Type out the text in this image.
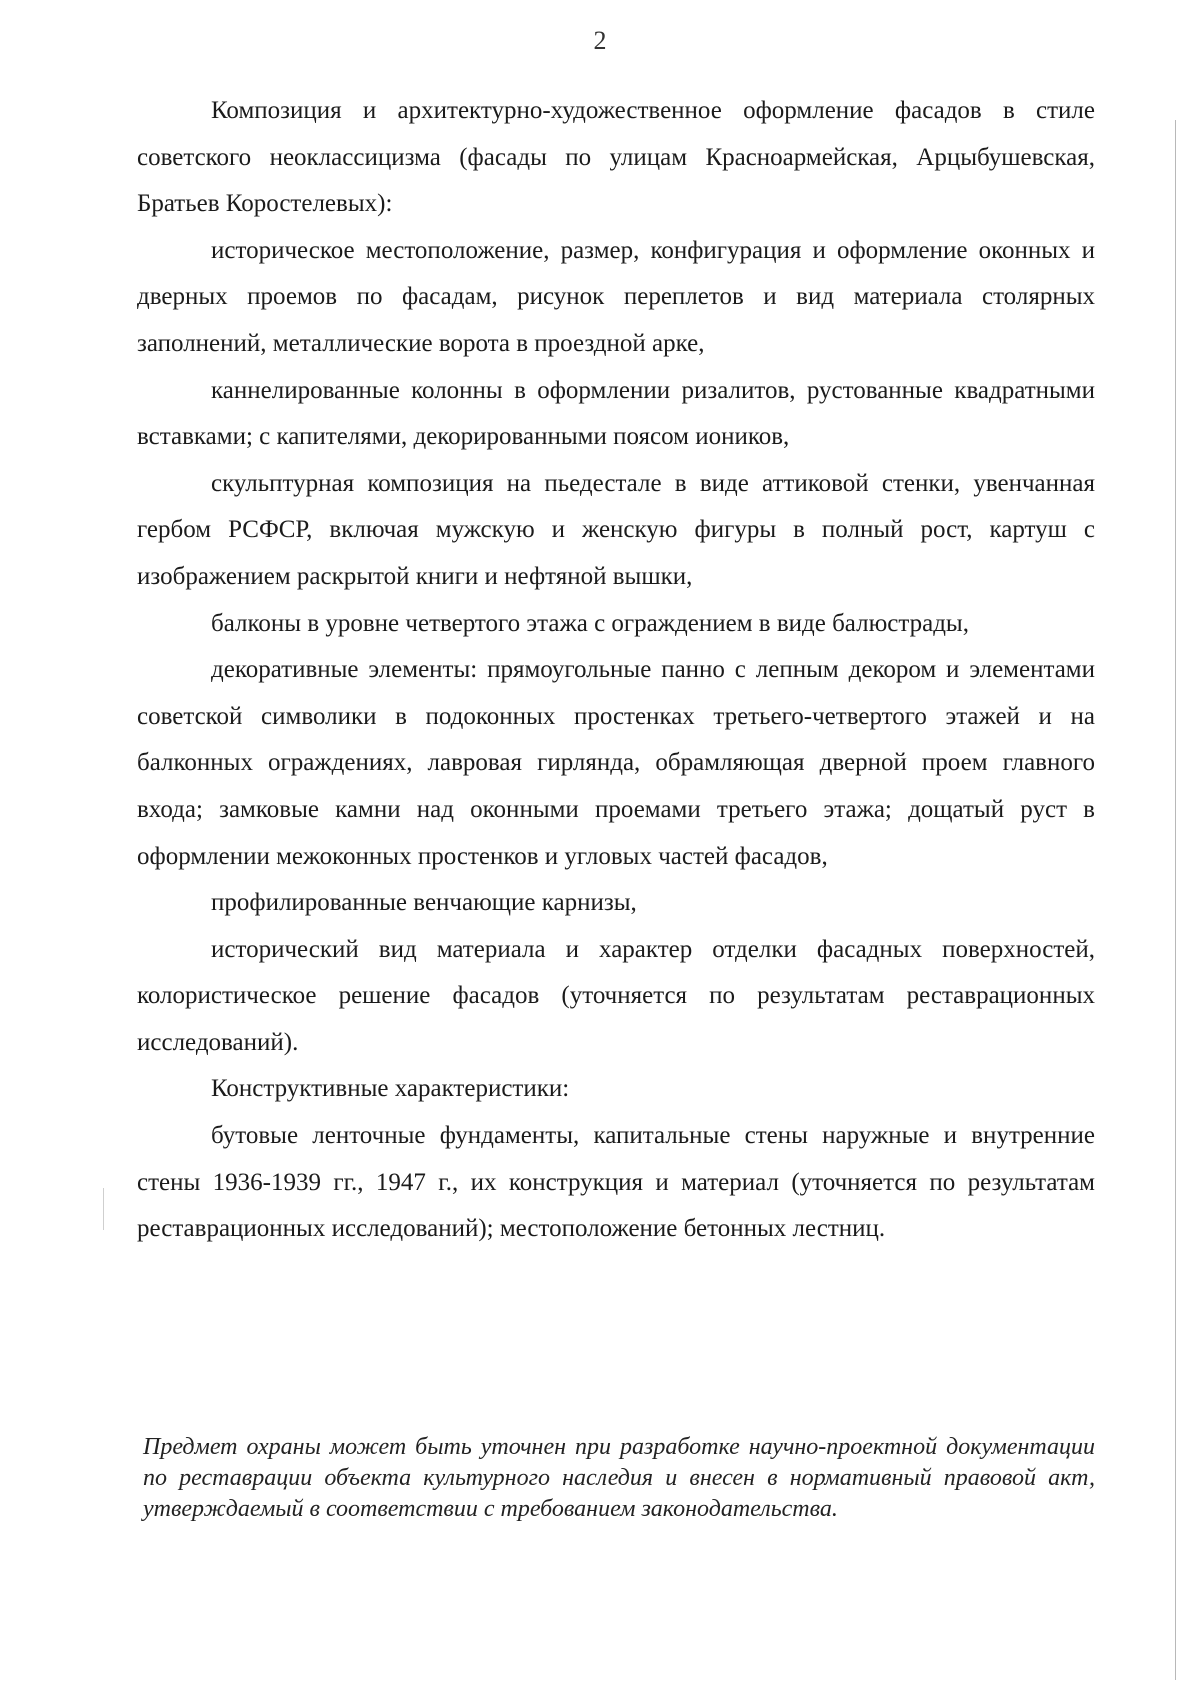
2

Композиция и архитектурно-художественное оформление фасадов в стиле советского неоклассицизма (фасады по улицам Красноармейская, Арцыбушевская, Братьев Коростелевых):

историческое местоположение, размер, конфигурация и оформление оконных и дверных проемов по фасадам, рисунок переплетов и вид материала столярных заполнений, металлические ворота в проездной арке,

каннелированные колонны в оформлении ризалитов, рустованные квадратными вставками; с капителями, декорированными поясом иоников,

скульптурная композиция на пьедестале в виде аттиковой стенки, увенчанная гербом РСФСР, включая мужскую и женскую фигуры в полный рост, картуш с изображением раскрытой книги и нефтяной вышки,

балконы в уровне четвертого этажа с ограждением в виде балюстрады,

декоративные элементы: прямоугольные панно с лепным декором и элементами советской символики в подоконных простенках третьего-четвертого этажей и на балконных ограждениях, лавровая гирлянда, обрамляющая дверной проем главного входа; замковые камни над оконными проемами третьего этажа; дощатый руст в оформлении межоконных простенков и угловых частей фасадов,

профилированные венчающие карнизы,

исторический вид материала и характер отделки фасадных поверхностей, колористическое решение фасадов (уточняется по результатам реставрационных исследований).

Конструктивные характеристики:

бутовые ленточные фундаменты, капитальные стены наружные и внутренние стены 1936-1939 гг., 1947 г., их конструкция и материал (уточняется по результатам реставрационных исследований); местоположение бетонных лестниц.

Предмет охраны может быть уточнен при разработке научно-проектной документации по реставрации объекта культурного наследия и внесен в нормативный правовой акт, утверждаемый в соответствии с требованием законодательства.
